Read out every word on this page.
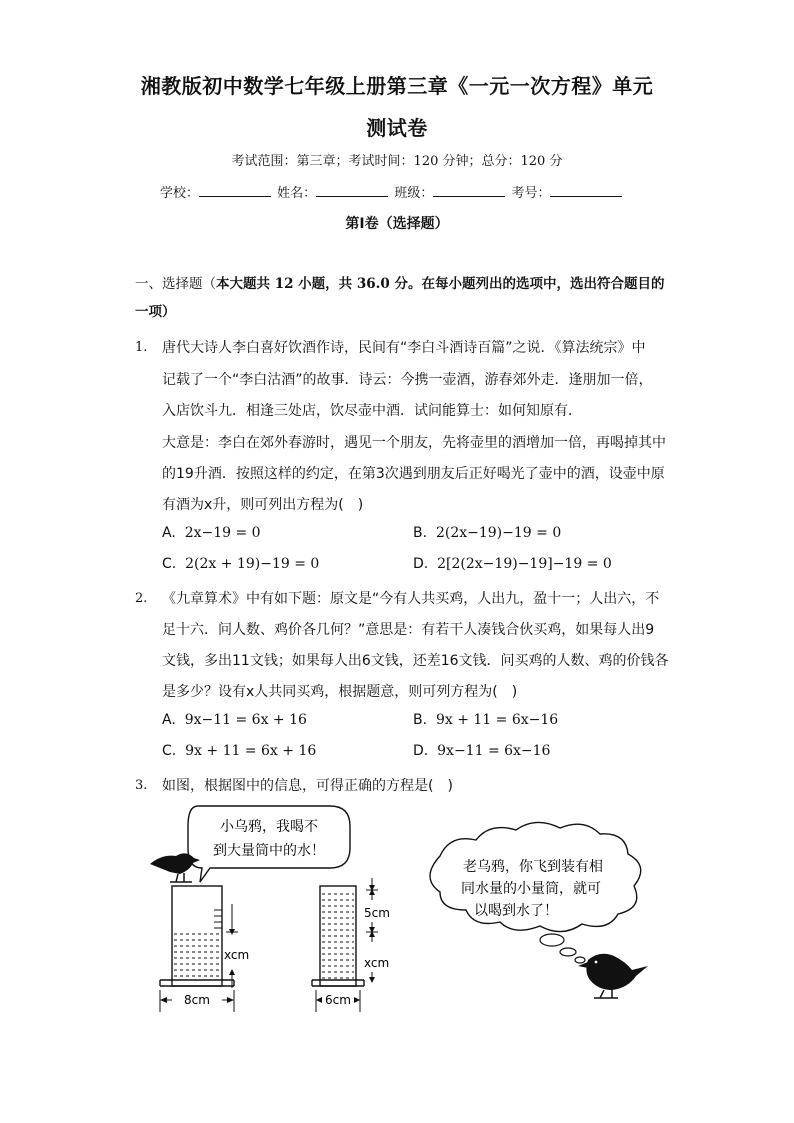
湘教版初中数学七年级上册第三章《一元一次方程》单元
测试卷
考试范围：第三章；考试时间：120 分钟；总分：120 分
学校：	姓名：	班级：	考号：
第Ⅰ卷（选择题）
一、选择题（本大题共 12 小题，共 36.0 分。在每小题列出的选项中，选出符合题目的
一项）
1. 唐代大诗人李白喜好饮酒作诗，民间有“李白斗酒诗百篇”之说．《算法统宗》中
记载了一个“李白沽酒”的故事．诗云：今携一壶酒，游春郊外走．逢朋加一倍，
入店饮斗九．相逢三处店，饮尽壶中酒．试问能算士：如何知原有．
大意是：李白在郊外春游时，遇见一个朋友，先将壶里的酒增加一倍，再喝掉其中
的19升酒．按照这样的约定，在第3次遇到朋友后正好喝光了壶中的酒，设壶中原
有酒为x升，则可列出方程为(　)
A. 2x−19 = 0	B. 2(2x−19)−19 = 0
C. 2(2x + 19)−19 = 0	D. 2[2(2x−19)−19]−19 = 0
2. 《九章算术》中有如下题：原文是“今有人共买鸡，人出九，盈十一；人出六，不
足十六．问人数、鸡价各几何？”意思是：有若干人凑钱合伙买鸡，如果每人出9
文钱，多出11文钱；如果每人出6文钱，还差16文钱．问买鸡的人数、鸡的价钱各
是多少？设有x人共同买鸡，根据题意，则可列方程为(　)
A. 9x−11 = 6x + 16	B. 9x + 11 = 6x−16
C. 9x + 11 = 6x + 16	D. 9x−11 = 6x−16
3. 如图，根据图中的信息，可得正确的方程是(　)
小乌鸦，我喝不
到大量筒中的水！
xcm
8cm
5cm
xcm
6cm
老乌鸦，你飞到装有相
同水量的小量筒，就可
以喝到水了！
